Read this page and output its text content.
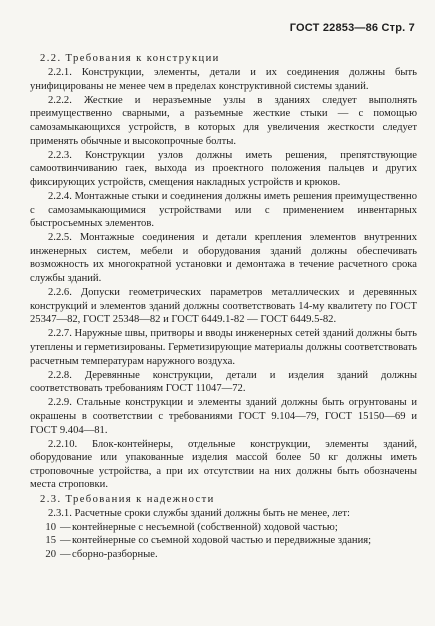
ГОСТ 22853—86 Стр. 7
2.2. Требования к конструкции
2.2.1. Конструкции, элементы, детали и их соединения должны быть унифицированы не менее чем в пределах конструктивной системы зданий.
2.2.2. Жесткие и неразъемные узлы в зданиях следует выполнять преимущественно сварными, а разъемные жесткие стыки — с помощью самозамыкающихся устройств, в которых для увеличения жесткости следует применять обычные и высокопрочные болты.
2.2.3. Конструкции узлов должны иметь решения, препятствующие самоотвинчиванию гаек, выхода из проектного положения пальцев и других фиксирующих устройств, смещения накладных устройств и крюков.
2.2.4. Монтажные стыки и соединения должны иметь решения преимущественно с самозамыкающимися устройствами или с применением инвентарных быстросъемных элементов.
2.2.5. Монтажные соединения и детали крепления элементов внутренних инженерных систем, мебели и оборудования зданий должны обеспечивать возможность их многократной установки и демонтажа в течение расчетного срока службы зданий.
2.2.6. Допуски геометрических параметров металлических и деревянных конструкций и элементов зданий должны соответствовать 14-му квалитету по ГОСТ 25347—82, ГОСТ 25348—82 и ГОСТ 6449.1-82 — ГОСТ 6449.5-82.
2.2.7. Наружные швы, притворы и вводы инженерных сетей зданий должны быть утеплены и герметизированы. Герметизирующие материалы должны соответствовать расчетным температурам наружного воздуха.
2.2.8. Деревянные конструкции, детали и изделия зданий должны соответствовать требованиям ГОСТ 11047—72.
2.2.9. Стальные конструкции и элементы зданий должны быть огрунтованы и окрашены в соответствии с требованиями ГОСТ 9.104—79, ГОСТ 15150—69 и ГОСТ 9.404—81.
2.2.10. Блок-контейнеры, отдельные конструкции, элементы зданий, оборудование или упакованные изделия массой более 50 кг должны иметь строповочные устройства, а при их отсутствии на них должны быть обозначены места строповки.
2.3. Требования к надежности
2.3.1. Расчетные сроки службы зданий должны быть не менее, лет:
10 — контейнерные с несъемной (собственной) ходовой частью;
15 — контейнерные со съемной ходовой частью и передвижные здания;
20 — сборно-разборные.
